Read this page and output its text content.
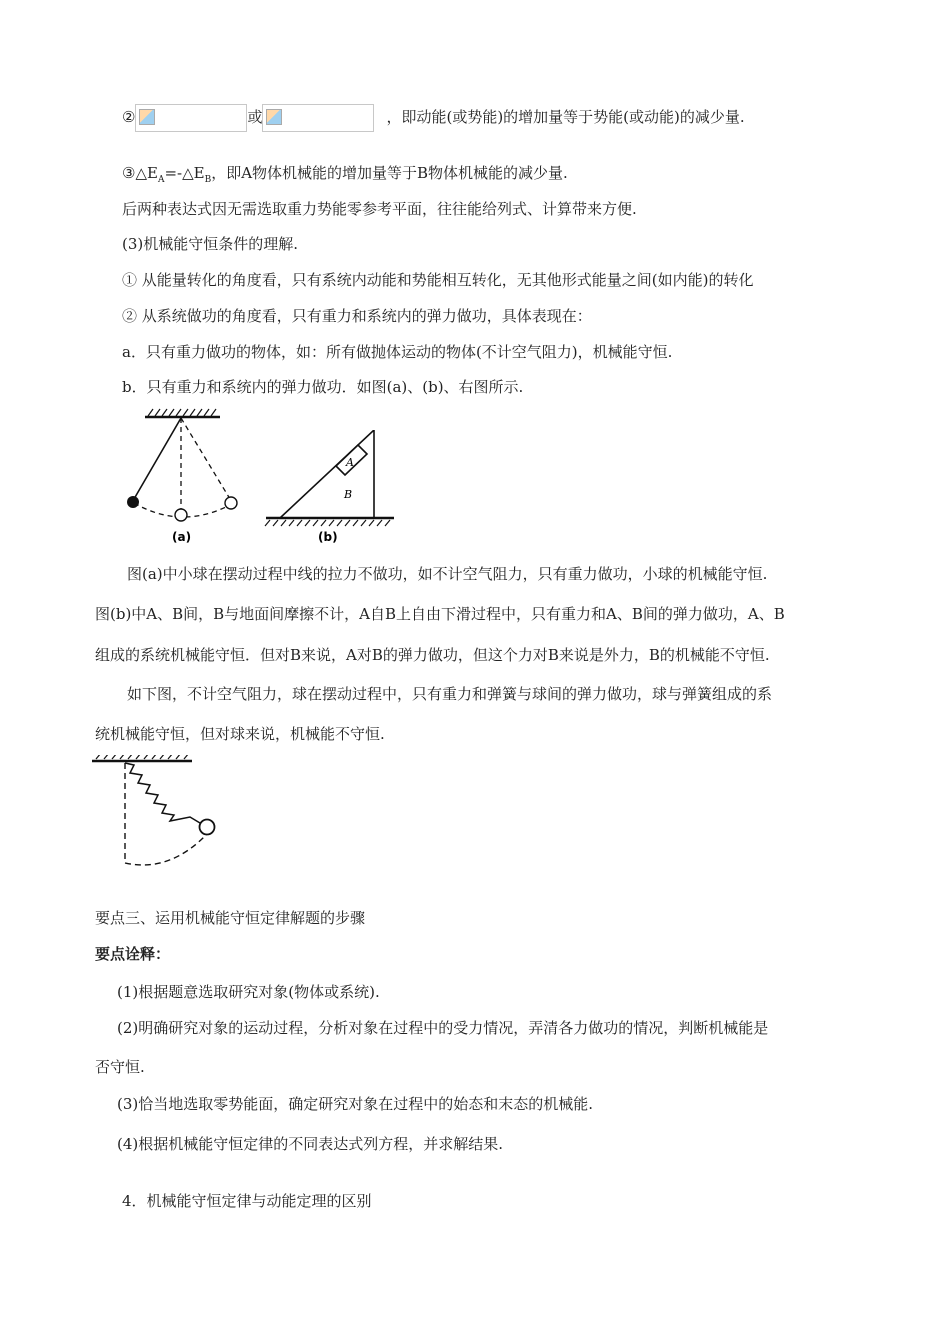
②	或	，即动能(或势能)的增加量等于势能(或动能)的减少量.
$③\triangle E_A=-\triangle E_B$，即A物体机械能的增加量等于B物体机械能的减少量.
后两种表达式因无需选取重力势能零参考平面，往往能给列式、计算带来方便.
(3)机械能守恒条件的理解.
① 从能量转化的角度看，只有系统内动能和势能相互转化，无其他形式能量之间(如内能)的转化
② 从系统做功的角度看，只有重力和系统内的弹力做功，具体表现在：
a．只有重力做功的物体，如：所有做抛体运动的物体(不计空气阻力)，机械能守恒.
b．只有重力和系统内的弹力做功．如图(a)、(b)、右图所示.
(a)
A
B
(b)
图(a)中小球在摆动过程中线的拉力不做功，如不计空气阻力，只有重力做功，小球的机械能守恒.
图(b)中A、B间，B与地面间摩擦不计，A自B上自由下滑过程中，只有重力和A、B间的弹力做功，A、B
组成的系统机械能守恒．但对B来说，A对B的弹力做功，但这个力对B来说是外力，B的机械能不守恒.
如下图，不计空气阻力，球在摆动过程中，只有重力和弹簧与球间的弹力做功，球与弹簧组成的系
统机械能守恒，但对球来说，机械能不守恒.
要点三、运用机械能守恒定律解题的步骤
要点诠释：
(1)根据题意选取研究对象(物体或系统).
(2)明确研究对象的运动过程，分析对象在过程中的受力情况，弄清各力做功的情况，判断机械能是
否守恒.
(3)恰当地选取零势能面，确定研究对象在过程中的始态和末态的机械能.
(4)根据机械能守恒定律的不同表达式列方程，并求解结果.
4．机械能守恒定律与动能定理的区别
